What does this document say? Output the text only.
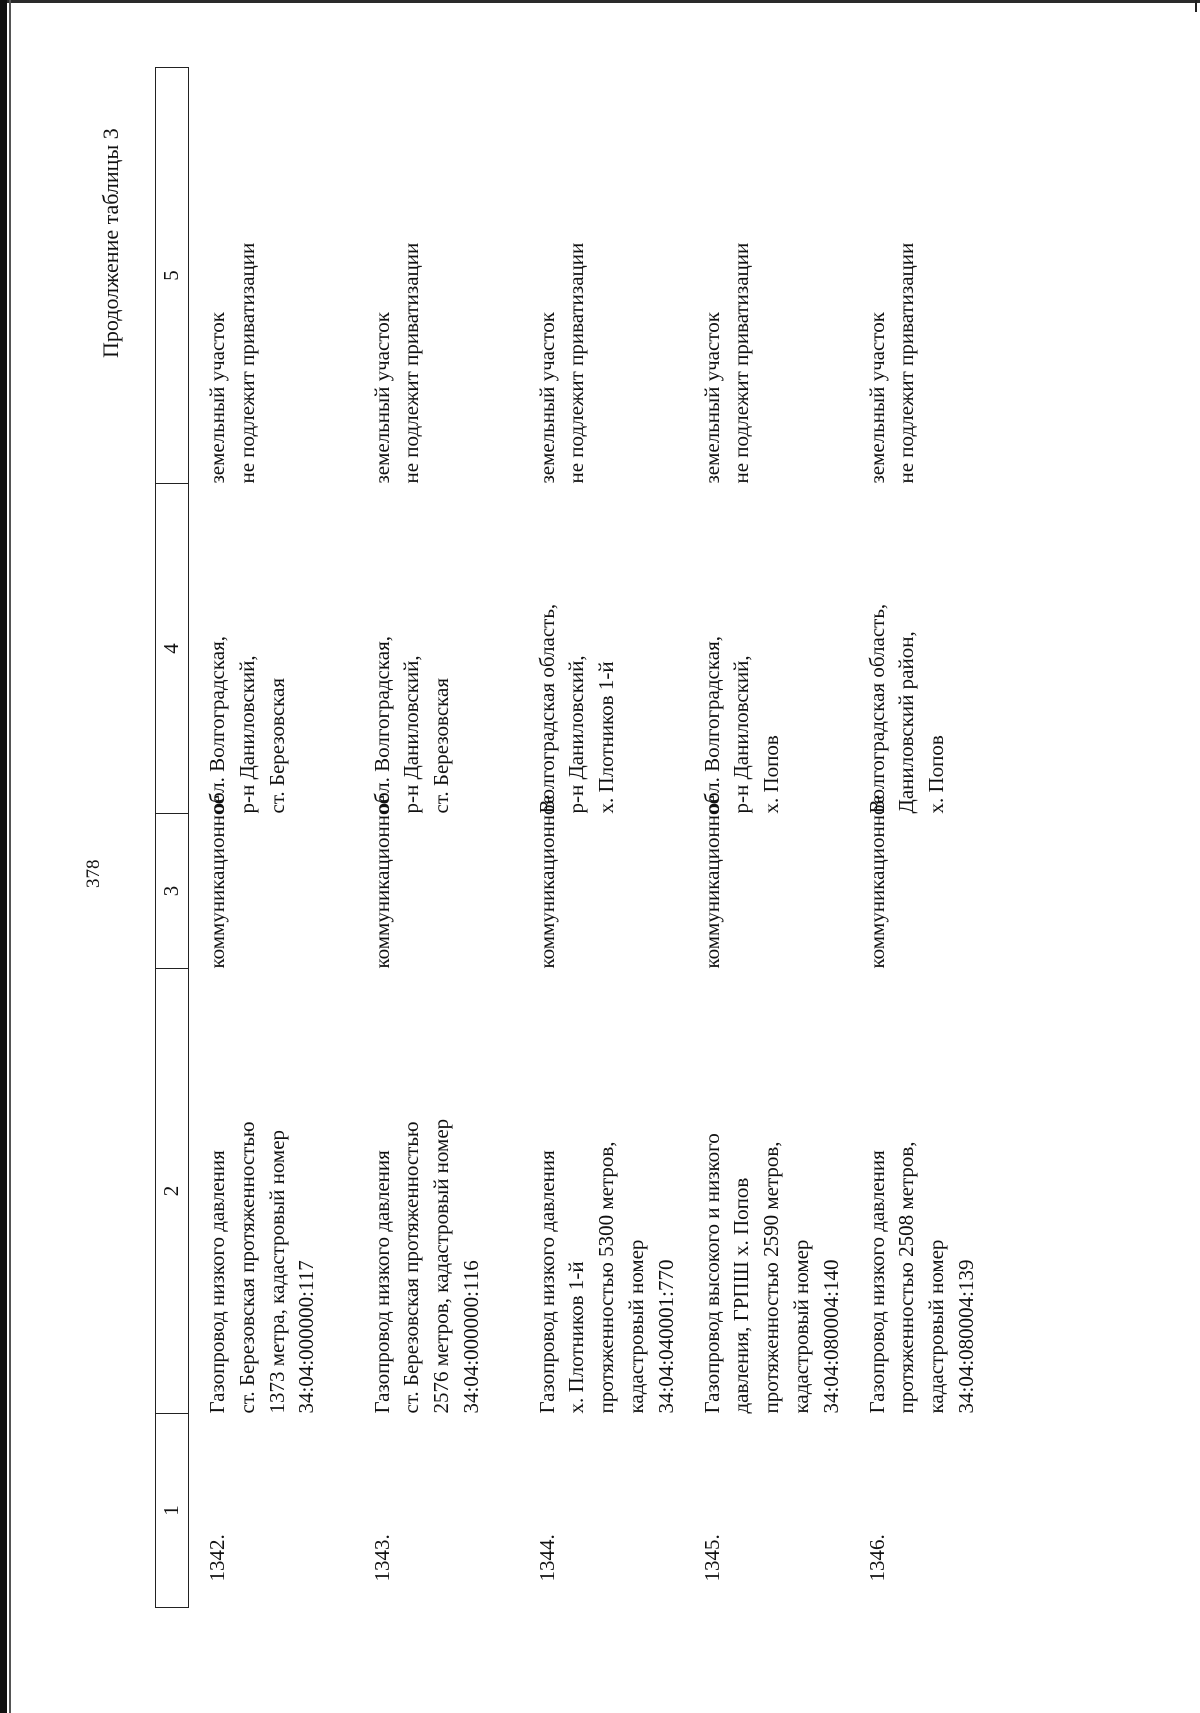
378
Продолжение таблицы 3
1	2	3	4	5

1342.	Газопровод низкого давления ст. Березовская протяженностью 1373 метра, кадастровый номер 34:04:000000:117	коммуникационное	обл. Волгоградская, р-н Даниловский, ст. Березовская	земельный участок не подлежит приватизации

1343.	Газопровод низкого давления ст. Березовская протяженностью 2576 метров, кадастровый номер 34:04:000000:116	коммуникационное	обл. Волгоградская, р-н Даниловский, ст. Березовская	земельный участок не подлежит приватизации

1344.	Газопровод низкого давления х. Плотников 1-й протяженностью 5300 метров, кадастровый номер 34:04:040001:770	коммуникационное	Волгоградская область, р-н Даниловский, х. Плотников 1-й	земельный участок не подлежит приватизации

1345.	Газопровод высокого и низкого давления, ГРПШ х. Попов протяженностью 2590 метров, кадастровый номер 34:04:080004:140	коммуникационное	обл. Волгоградская, р-н Даниловский, х. Попов	земельный участок не подлежит приватизации

1346.	Газопровод низкого давления протяженностью 2508 метров, кадастровый номер 34:04:080004:139	коммуникационное	Волгоградская область, Даниловский район, х. Попов	земельный участок не подлежит приватизации
